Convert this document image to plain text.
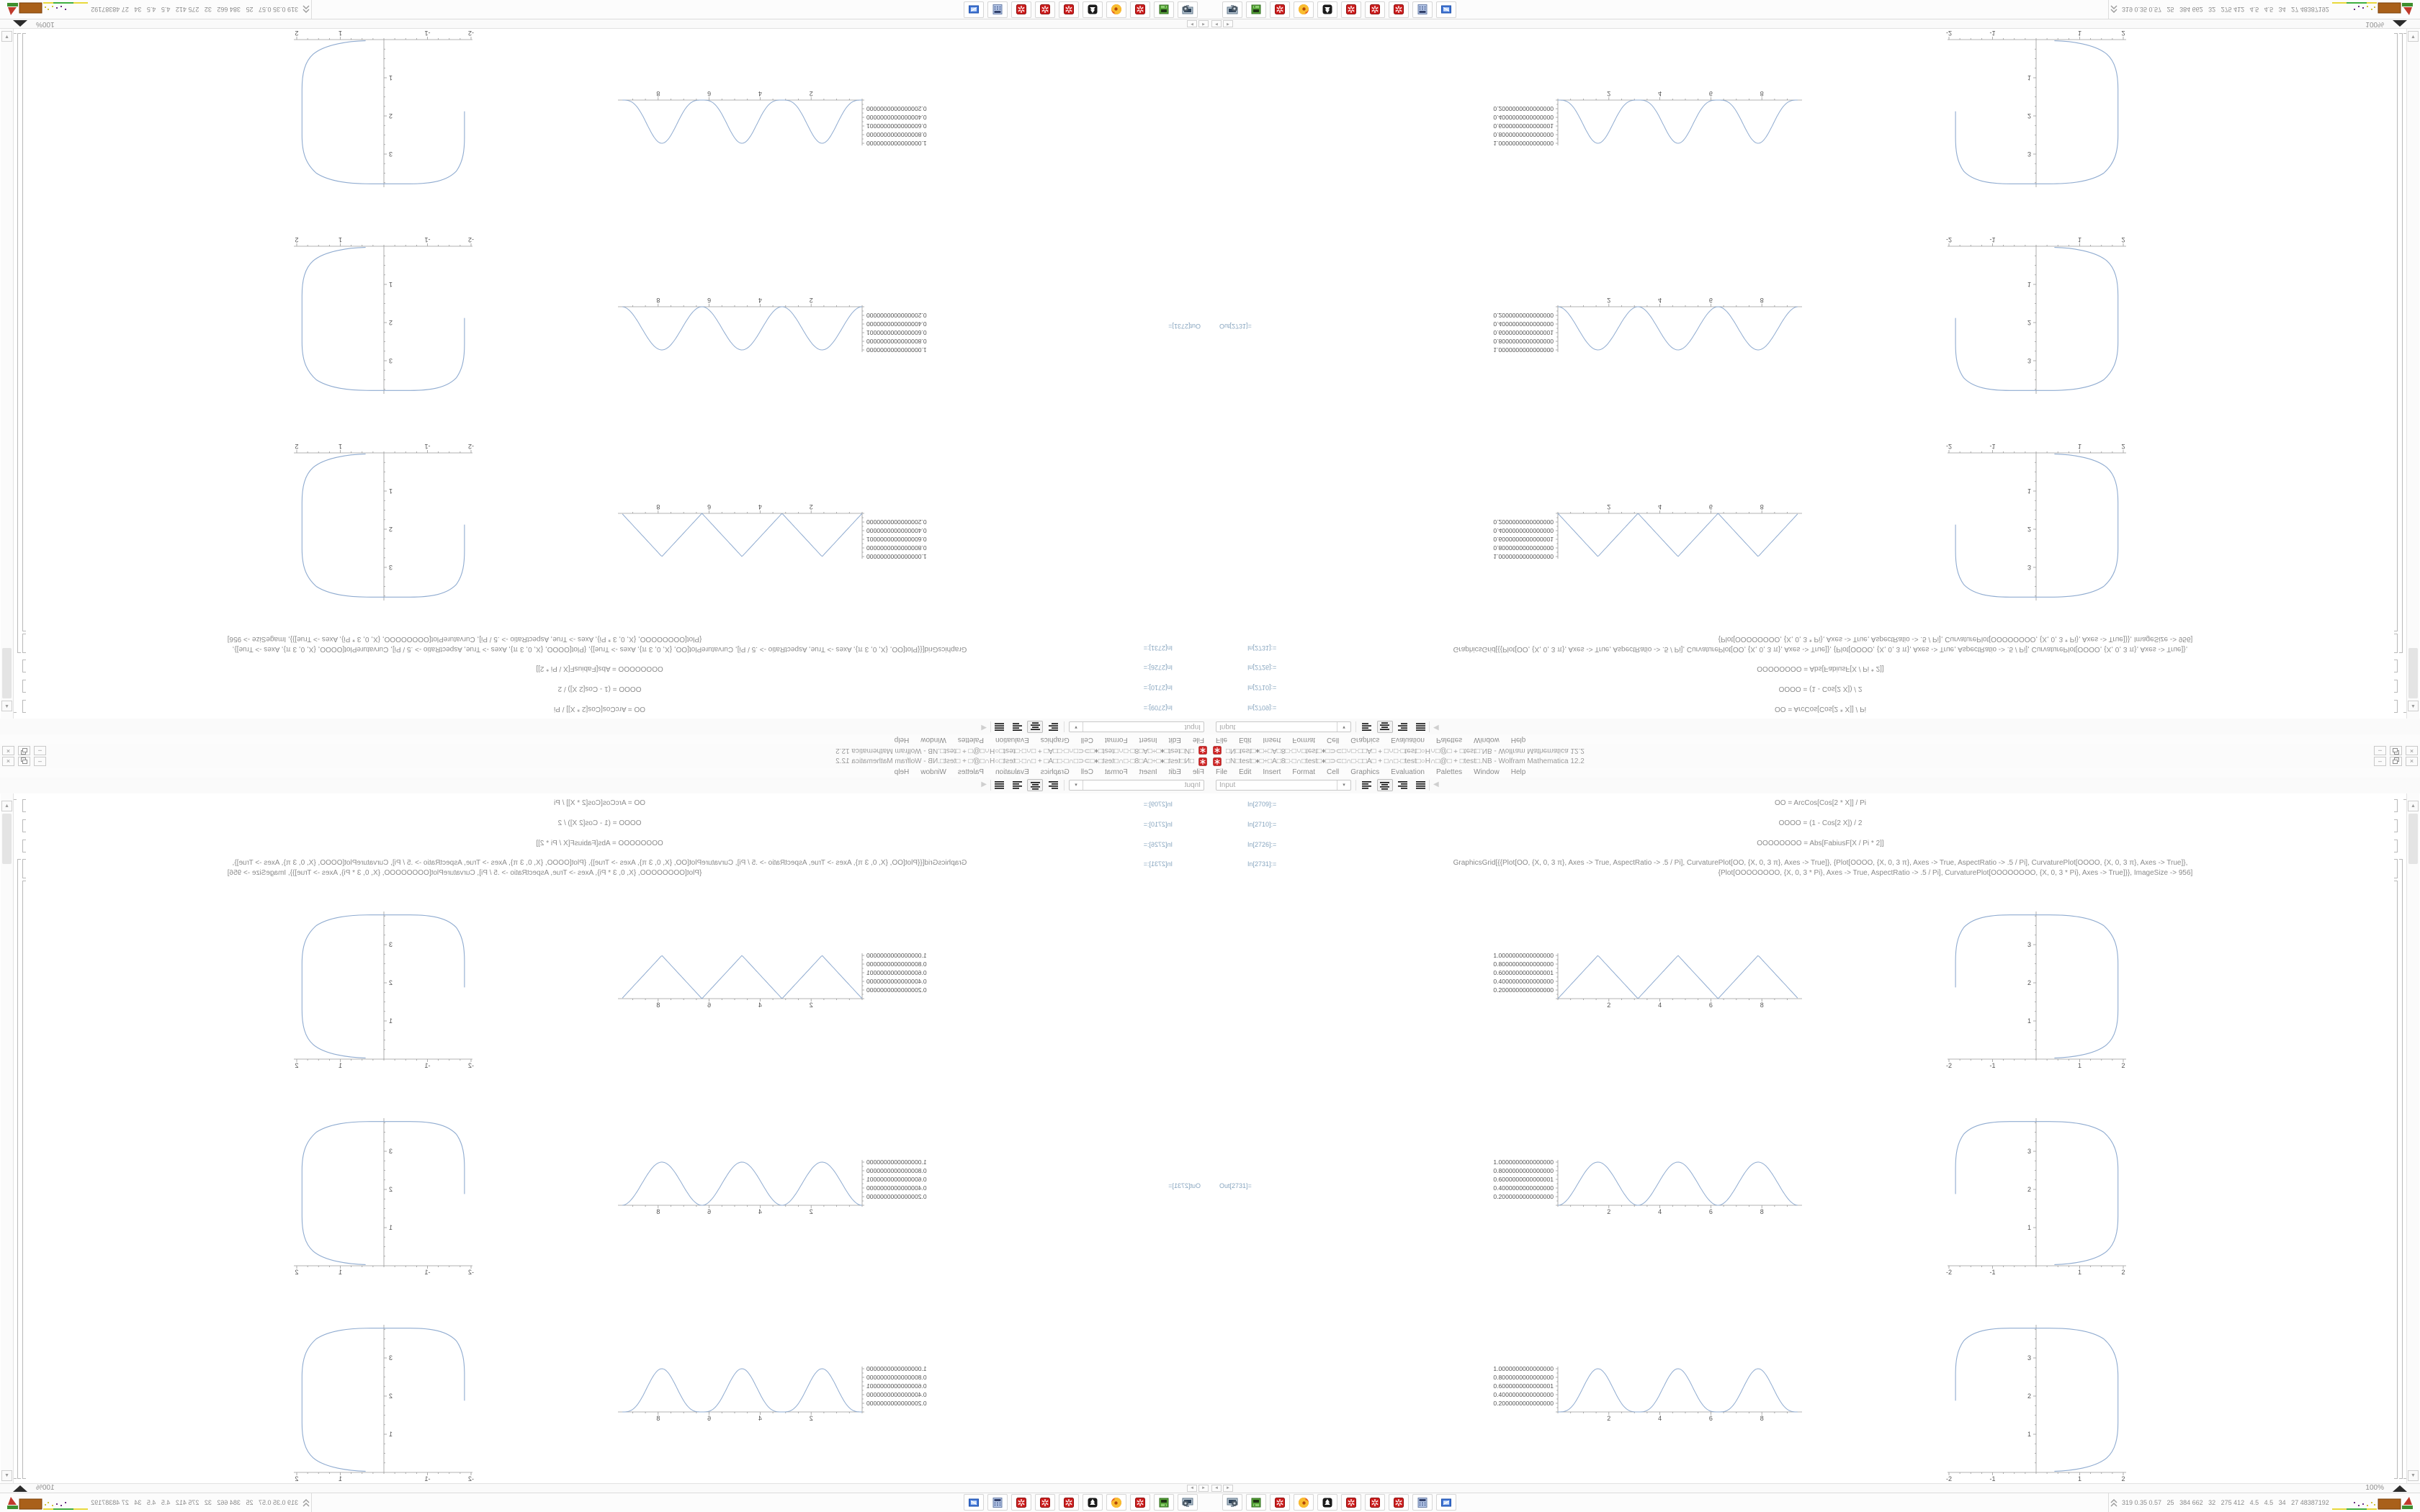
□N□test□♦□÷□A□8□·□∩□test□♦□⊃⊂□∩□·□□A□ + □∩□·□test□○H∩□@□ + □test□.NB - Wolfram Mathematica 12.2	–	×
File	Edit	Insert	Format	Cell	Graphics	Evaluation	Palettes	Window	Help
Input	▾	◀
In[2709]:=	OO = ArcCos[Cos[2 * X]] / Pi
In[2710]:=	OOOO = (1 - Cos[2 X]) / 2
In[2726]:=	OOOOOOOO = Abs[FabiusF[X / Pi * 2]]
In[2731]:=	GraphicsGrid[{{Plot[OO, {X, 0, 3 π}, Axes -> True, AspectRatio -> .5 / Pi], CurvaturePlot[OO, {X, 0, 3 π}, Axes -> True]}, {Plot[OOOO, {X, 0, 3 π}, Axes -> True, AspectRatio -> .5 / Pi], CurvaturePlot[OOOO, {X, 0, 3 π}, Axes -> True]},
{Plot[OOOOOOOO, {X, 0, 3 * Pi}, Axes -> True, AspectRatio -> .5 / Pi], CurvaturePlot[OOOOOOOO, {X, 0, 3 * Pi}, Axes -> True]}}, ImageSize -> 956]
Out[2731]=
2	4	6	8
1.0000000000000000
0.8000000000000000
0.6000000000000001
0.4000000000000000
0.2000000000000000
-2	-1	1	2
1
2
3
2	4	6	8
1.0000000000000000
0.8000000000000000
0.6000000000000001
0.4000000000000000
0.2000000000000000
-2	-1	1	2
1
2
3
2	4	6	8
1.0000000000000000
0.8000000000000000
0.6000000000000001
0.4000000000000000
0.2000000000000000
-2	-1	1	2
1
2
3
▲
▼
◄	►	100%
319 0.35 0.57   25   384 662   32   275 412   4.5   4.5   34   27 48387192
□N□test□♦□÷□A□8□·□∩□test□♦□⊃⊂□∩□·□□A□ + □∩□·□test□○H∩□@□ + □test□.NB - Wolfram Mathematica 12.2
–
×
File
Edit
Insert
Format
Cell
Graphics
Evaluation
Palettes
Window
Help
Input
▾
◀
In[2709]:=
OO = ArcCos[Cos[2 * X]] / Pi
In[2710]:=
OOOO = (1 - Cos[2 X]) / 2
In[2726]:=
OOOOOOOO = Abs[FabiusF[X / Pi * 2]]
In[2731]:=
GraphicsGrid[{{Plot[OO, {X, 0, 3 π}, Axes -> True, AspectRatio -> .5 / Pi], CurvaturePlot[OO, {X, 0, 3 π}, Axes -> True]}, {Plot[OOOO, {X, 0, 3 π}, Axes -> True, AspectRatio -> .5 / Pi], CurvaturePlot[OOOO, {X, 0, 3 π}, Axes -> True]},
{Plot[OOOOOOOO, {X, 0, 3 * Pi}, Axes -> True, AspectRatio -> .5 / Pi], CurvaturePlot[OOOOOOOO, {X, 0, 3 * Pi}, Axes -> True]}}, ImageSize -> 956]
Out[2731]=
2
4
6
8
1.0000000000000000
0.8000000000000000
0.6000000000000001
0.4000000000000000
0.2000000000000000
-2
-1
1
2
1
2
3
2
4
6
8
1.0000000000000000
0.8000000000000000
0.6000000000000001
0.4000000000000000
0.2000000000000000
-2
-1
1
2
1
2
3
2
4
6
8
1.0000000000000000
0.8000000000000000
0.6000000000000001
0.4000000000000000
0.2000000000000000
-2
-1
1
2
1
2
3
▲
▼
◄
►
100%
319 0.35 0.57   25   384 662   32   275 412   4.5   4.5   34   27 48387192
□N□test□♦□÷□A□8□·□∩□test□♦□⊃⊂□∩□·□□A□ + □∩□·□test□○H∩□@□ + □test□.NB - Wolfram Mathematica 12.2	–	×
File	Edit	Insert	Format	Cell	Graphics	Evaluation	Palettes	Window	Help
Input	▾	◀
In[2709]:=	OO = ArcCos[Cos[2 * X]] / Pi
In[2710]:=	OOOO = (1 - Cos[2 X]) / 2
In[2726]:=	OOOOOOOO = Abs[FabiusF[X / Pi * 2]]
In[2731]:=	GraphicsGrid[{{Plot[OO, {X, 0, 3 π}, Axes -> True, AspectRatio -> .5 / Pi], CurvaturePlot[OO, {X, 0, 3 π}, Axes -> True]}, {Plot[OOOO, {X, 0, 3 π}, Axes -> True, AspectRatio -> .5 / Pi], CurvaturePlot[OOOO, {X, 0, 3 π}, Axes -> True]},
{Plot[OOOOOOOO, {X, 0, 3 * Pi}, Axes -> True, AspectRatio -> .5 / Pi], CurvaturePlot[OOOOOOOO, {X, 0, 3 * Pi}, Axes -> True]}}, ImageSize -> 956]
Out[2731]=
2	4	6	8
1.0000000000000000
0.8000000000000000
0.6000000000000001
0.4000000000000000
0.2000000000000000
-2	-1	1	2
1
2
3
2	4	6	8
1.0000000000000000
0.8000000000000000
0.6000000000000001
0.4000000000000000
0.2000000000000000
-2	-1	1	2
1
2
3
2	4	6	8
1.0000000000000000
0.8000000000000000
0.6000000000000001
0.4000000000000000
0.2000000000000000
-2	-1	1	2
1
2
3
▲
▼
◄	►	100%
319 0.35 0.57   25   384 662   32   275 412   4.5   4.5   34   27 48387192
□N□test□♦□÷□A□8□·□∩□test□♦□⊃⊂□∩□·□□A□ + □∩□·□test□○H∩□@□ + □test□.NB - Wolfram Mathematica 12.2
–
×
File
Edit
Insert
Format
Cell
Graphics
Evaluation
Palettes
Window
Help
Input
▾
◀
In[2709]:=
OO = ArcCos[Cos[2 * X]] / Pi
In[2710]:=
OOOO = (1 - Cos[2 X]) / 2
In[2726]:=
OOOOOOOO = Abs[FabiusF[X / Pi * 2]]
In[2731]:=
GraphicsGrid[{{Plot[OO, {X, 0, 3 π}, Axes -> True, AspectRatio -> .5 / Pi], CurvaturePlot[OO, {X, 0, 3 π}, Axes -> True]}, {Plot[OOOO, {X, 0, 3 π}, Axes -> True, AspectRatio -> .5 / Pi], CurvaturePlot[OOOO, {X, 0, 3 π}, Axes -> True]},
{Plot[OOOOOOOO, {X, 0, 3 * Pi}, Axes -> True, AspectRatio -> .5 / Pi], CurvaturePlot[OOOOOOOO, {X, 0, 3 * Pi}, Axes -> True]}}, ImageSize -> 956]
Out[2731]=
2
4
6
8
1.0000000000000000
0.8000000000000000
0.6000000000000001
0.4000000000000000
0.2000000000000000
-2
-1
1
2
1
2
3
2
4
6
8
1.0000000000000000
0.8000000000000000
0.6000000000000001
0.4000000000000000
0.2000000000000000
-2
-1
1
2
1
2
3
2
4
6
8
1.0000000000000000
0.8000000000000000
0.6000000000000001
0.4000000000000000
0.2000000000000000
-2
-1
1
2
1
2
3
▲
▼
◄
►
100%
319 0.35 0.57   25   384 662   32   275 412   4.5   4.5   34   27 48387192
